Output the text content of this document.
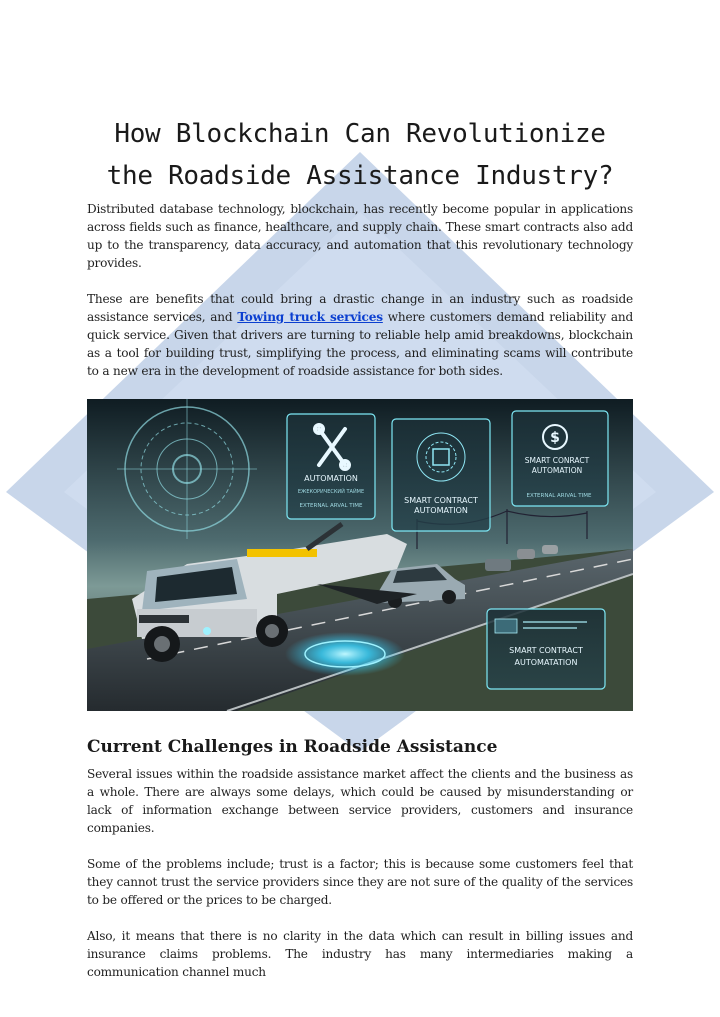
How Blockchain Can Revolutionize
the Roadside Assistance Industry?

Distributed database technology, blockchain, has recently become popular in applications across fields such as finance, healthcare, and supply chain. These smart contracts also add up to the transparency, data accuracy, and automation that this revolutionary technology provides.

These are benefits that could bring a drastic change in an industry such as roadside assistance services, and Towing truck services where customers demand reliability and quick service. Given that drivers are turning to reliable help amid breakdowns, blockchain as a tool for building trust, simplifying the process, and eliminating scams will contribute to a new era in the development of roadside assistance for both sides.

AUTOMATION
ЕЖЕКОРИЧЕСКИЙ ТАЙМЕ
EXTERNAL ARVAL TIME
SMART CONTRACT
AUTOMATION
$
SMART CONRACT
AUTOMATION
EXTERNAL ARIVAL TIME
SMART CONTRACT
AUTOMATATION
Current Challenges in Roadside Assistance

Several issues within the roadside assistance market affect the clients and the business as a whole. There are always some delays, which could be caused by misunderstanding or lack of information exchange between service providers, customers and insurance companies.

Some of the problems include; trust is a factor; this is because some customers feel that they cannot trust the service providers since they are not sure of the quality of the services to be offered or the prices to be charged.

Also, it means that there is no clarity in the data which can result in billing issues and insurance claims problems. The industry has many intermediaries making a communication channel much
